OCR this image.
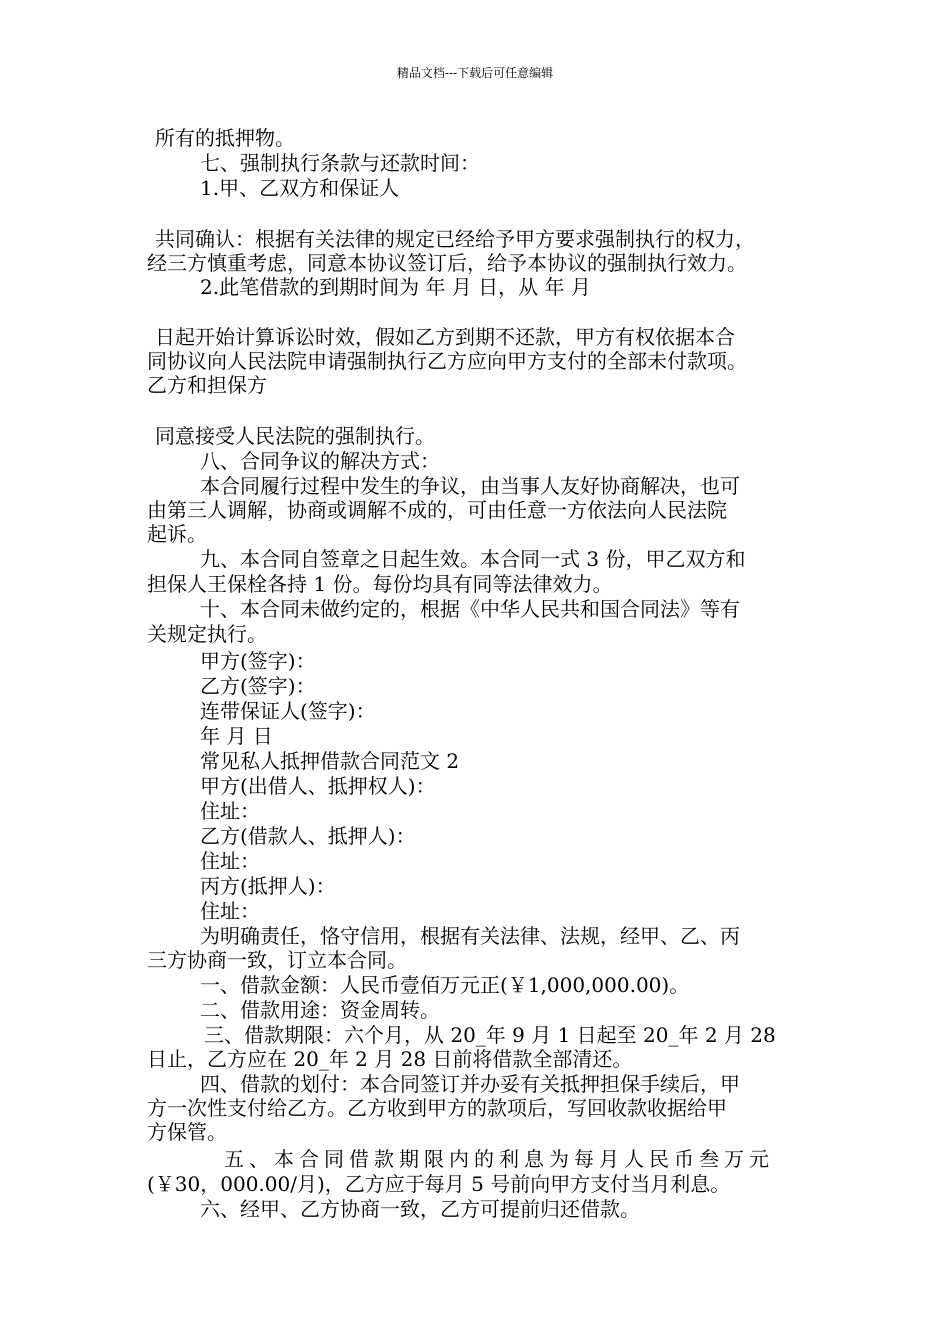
精品文档---下载后可任意编辑
所有的抵押物。
七、强制执行条款与还款时间：
1.甲、乙双方和保证人
共同确认：根据有关法律的规定已经给予甲方要求强制执行的权力，
经三方慎重考虑，同意本协议签订后，给予本协议的强制执行效力。
2.此笔借款的到期时间为 年 月 日，从 年 月
日起开始计算诉讼时效，假如乙方到期不还款，甲方有权依据本合
同协议向人民法院申请强制执行乙方应向甲方支付的全部未付款项。
乙方和担保方
同意接受人民法院的强制执行。
八、合同争议的解决方式：
本合同履行过程中发生的争议，由当事人友好协商解决，也可
由第三人调解，协商或调解不成的，可由任意一方依法向人民法院
起诉。
九、本合同自签章之日起生效。本合同一式 3 份，甲乙双方和
担保人王保栓各持 1 份。每份均具有同等法律效力。
十、本合同未做约定的，根据《中华人民共和国合同法》等有
关规定执行。
甲方(签字)：
乙方(签字)：
连带保证人(签字)：
年 月 日
常见私人抵押借款合同范文 2
甲方(出借人、抵押权人)：
住址：
乙方(借款人、抵押人)：
住址：
丙方(抵押人)：
住址：
为明确责任，恪守信用，根据有关法律、法规，经甲、乙、丙
三方协商一致，订立本合同。
一、借款金额：人民币壹佰万元正(￥1,000,000.00)。
二、借款用途：资金周转。
三、借款期限：六个月，从 20_年 9 月 1 日起至 20_年 2 月 28
日止，乙方应在 20_年 2 月 28 日前将借款全部清还。
四、借款的划付：本合同签订并办妥有关抵押担保手续后，甲
方一次性支付给乙方。乙方收到甲方的款项后，写回收款收据给甲
方保管。
五、本合同借款期限内的利息为每月人民币叁万元
(￥30，000.00/月)，乙方应于每月 5 号前向甲方支付当月利息。
六、经甲、乙方协商一致，乙方可提前归还借款。
